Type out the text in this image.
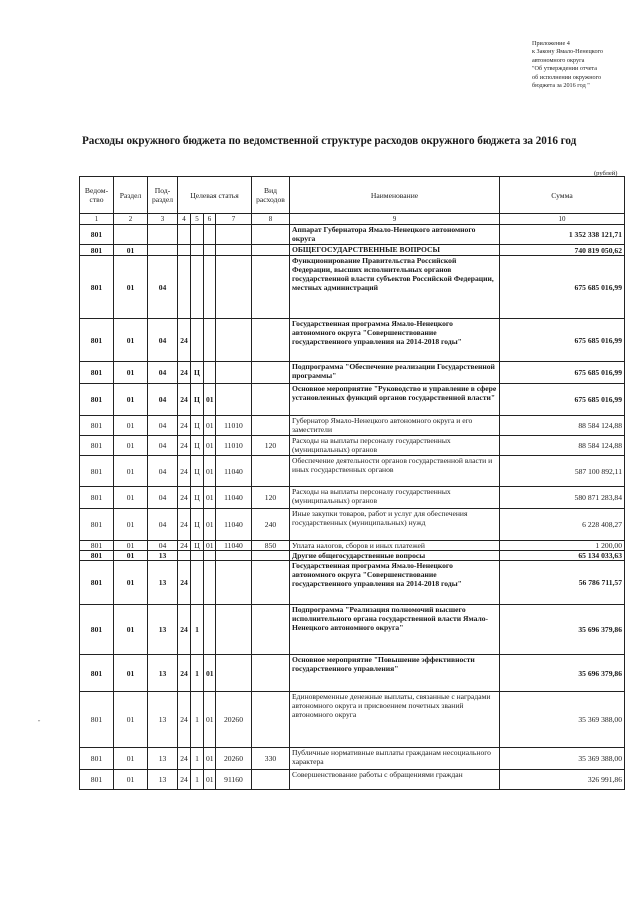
Приложение 4
к Закону Ямало-Ненецкого
автономного округа
"Об утверждении отчета
об исполнении окружного
бюджета за 2016 год "
Расходы окружного бюджета по ведомственной структуре расходов окружного бюджета за 2016 год
(рублей)
Ведом-ство	Раздел	Под-раздел	Целевая статья				Вид расходов	Наименование	Сумма
1	2	3	4	5	6	7	8	9	10
801								Аппарат Губернатора Ямало-Ненецкого автономного округа	1 352 338 121,71
801	01							ОБЩЕГОСУДАРСТВЕННЫЕ ВОПРОСЫ	740 819 050,62
801	01	04						Функционирование Правительства Российской Федерации, высших исполнительных органов государственной власти субъектов Российской Федерации, местных администраций	675 685 016,99
801	01	04	24					Государственная программа Ямало-Ненецкого автономного округа "Совершенствование государственного управления на 2014-2018 годы"	675 685 016,99
801	01	04	24	Ц				Подпрограмма "Обеспечение реализации Государственной программы"	675 685 016,99
801	01	04	24	Ц	01			Основное мероприятие "Руководство и управление в сфере установленных функций органов государственной власти"	675 685 016,99
801	01	04	24	Ц	01	11010		Губернатор Ямало-Ненецкого автономного округа и его заместители	88 584 124,88
801	01	04	24	Ц	01	11010	120	Расходы на выплаты персоналу государственных (муниципальных) органов	88 584 124,88
801	01	04	24	Ц	01	11040		Обеспечение деятельности органов государственной власти и иных государственных органов	587 100 892,11
801	01	04	24	Ц	01	11040	120	Расходы на выплаты персоналу государственных (муниципальных) органов	580 871 283,84
801	01	04	24	Ц	01	11040	240	Иные закупки товаров, работ и услуг для обеспечения государственных (муниципальных) нужд	6 228 408,27
801	01	04	24	Ц	01	11040	850	Уплата налогов, сборов и иных платежей	1 200,00
801	01	13						Другие общегосударственные вопросы	65 134 033,63
801	01	13	24					Государственная программа Ямало-Ненецкого автономного округа "Совершенствование государственного управления на 2014-2018 годы"	56 786 711,57
801	01	13	24	1				Подпрограмма "Реализация полномочий высшего исполнительного органа государственной власти Ямало-Ненецкого автономного округа"	35 696 379,86
801	01	13	24	1	01			Основное мероприятие "Повышение эффективности государственного управления"	35 696 379,86
801	01	13	24	1	01	20260		Единовременные денежные выплаты, связанные с наградами автономного округа и присвоением почетных званий автономного округа	35 369 388,00
801	01	13	24	1	01	20260	330	Публичные нормативные выплаты гражданам несоциального характера	35 369 388,00
801	01	13	24	1	01	91160		Совершенствование работы с обращениями граждан	326 991,86
"
